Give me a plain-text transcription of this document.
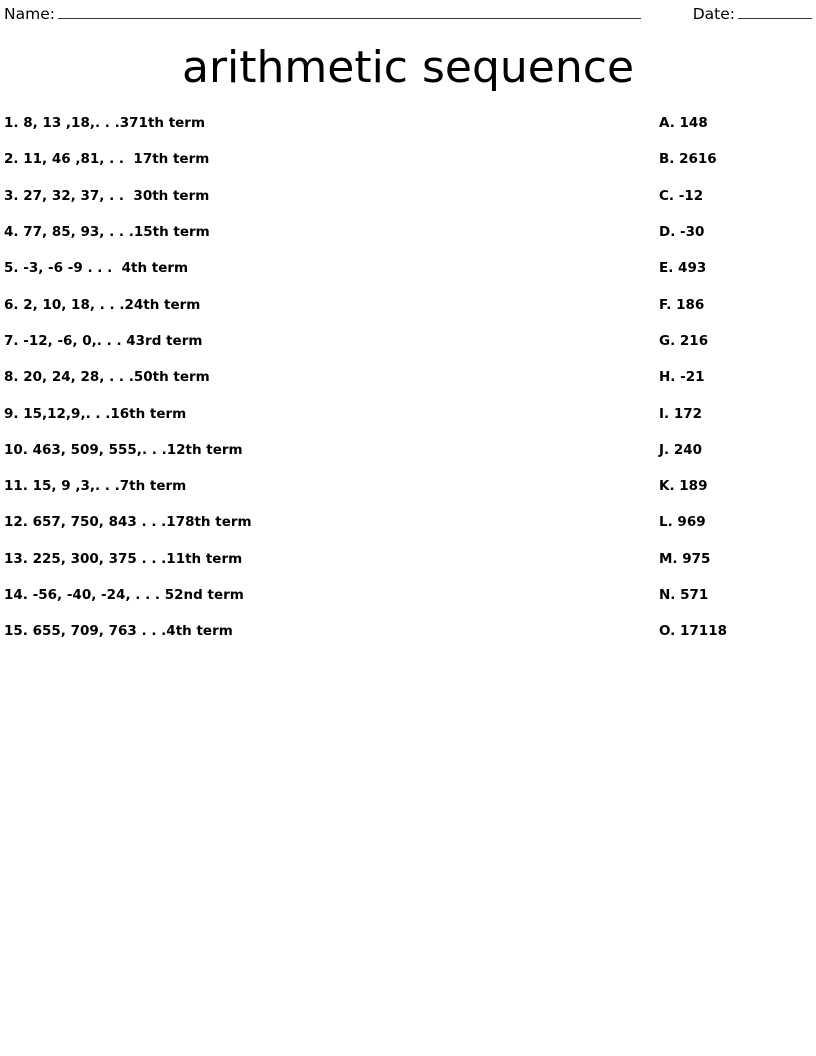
Name:	Date:
arithmetic sequence
1. 8, 13 ,18,. . .371th term
2. 11, 46 ,81, . .  17th term
3. 27, 32, 37, . .  30th term
4. 77, 85, 93, . . .15th term
5. -3, -6 -9 . . .  4th term
6. 2, 10, 18, . . .24th term
7. -12, -6, 0,. . . 43rd term
8. 20, 24, 28, . . .50th term
9. 15,12,9,. . .16th term
10. 463, 509, 555,. . .12th term
11. 15, 9 ,3,. . .7th term
12. 657, 750, 843 . . .178th term
13. 225, 300, 375 . . .11th term
14. -56, -40, -24, . . . 52nd term
15. 655, 709, 763 . . .4th term
A. 148
B. 2616
C. -12
D. -30
E. 493
F. 186
G. 216
H. -21
I. 172
J. 240
K. 189
L. 969
M. 975
N. 571
O. 17118
